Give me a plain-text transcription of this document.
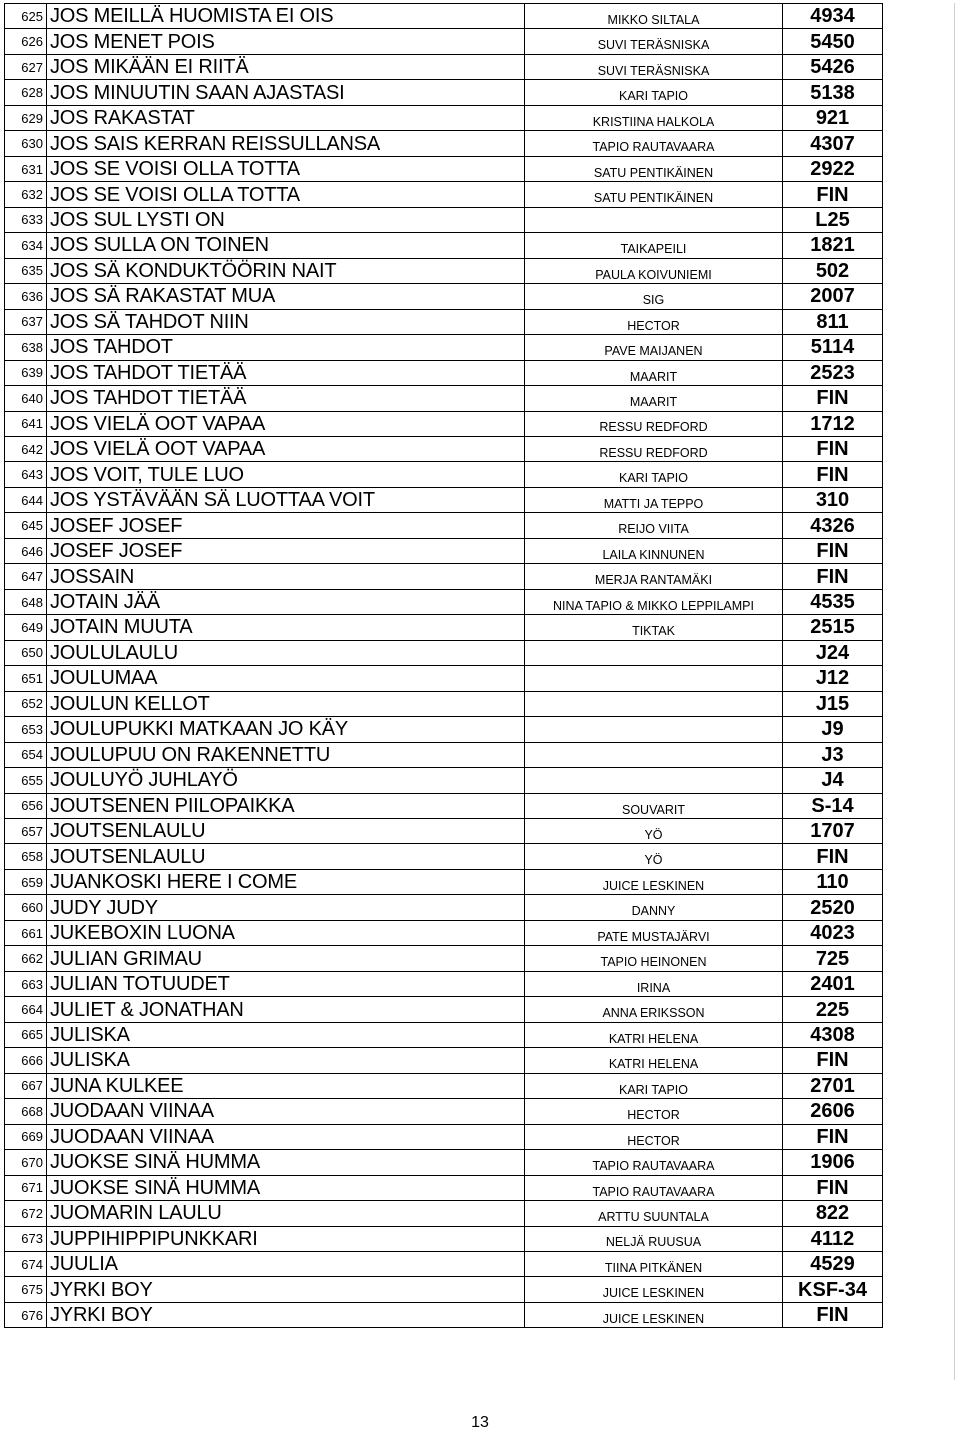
625	JOS MEILLÄ HUOMISTA EI OIS	MIKKO SILTALA	4934	
626	JOS MENET POIS	SUVI TERÄSNISKA	5450	
627	JOS MIKÄÄN EI RIITÄ	SUVI TERÄSNISKA	5426	
628	JOS MINUUTIN SAAN AJASTASI	KARI TAPIO	5138	
629	JOS RAKASTAT	KRISTIINA HALKOLA	921	
630	JOS SAIS KERRAN REISSULLANSA	TAPIO RAUTAVAARA	4307	
631	JOS SE VOISI OLLA TOTTA	SATU PENTIKÄINEN	2922	
632	JOS SE VOISI OLLA TOTTA	SATU PENTIKÄINEN	FIN	
633	JOS SUL LYSTI ON		L25	
634	JOS SULLA ON TOINEN	TAIKAPEILI	1821	
635	JOS SÄ KONDUKTÖÖRIN NAIT	PAULA KOIVUNIEMI	502	
636	JOS SÄ RAKASTAT MUA	SIG	2007	
637	JOS SÄ TAHDOT NIIN	HECTOR	811	
638	JOS TAHDOT	PAVE MAIJANEN	5114	
639	JOS TAHDOT TIETÄÄ	MAARIT	2523	
640	JOS TAHDOT TIETÄÄ	MAARIT	FIN	
641	JOS VIELÄ OOT VAPAA	RESSU REDFORD	1712	
642	JOS VIELÄ OOT VAPAA	RESSU REDFORD	FIN	
643	JOS VOIT, TULE LUO	KARI TAPIO	FIN	
644	JOS YSTÄVÄÄN SÄ LUOTTAA VOIT	MATTI JA TEPPO	310	
645	JOSEF JOSEF	REIJO VIITA	4326	
646	JOSEF JOSEF	LAILA KINNUNEN	FIN	
647	JOSSAIN	MERJA RANTAMÄKI	FIN	
648	JOTAIN JÄÄ	NINA TAPIO & MIKKO LEPPILAMPI	4535	
649	JOTAIN MUUTA	TIKTAK	2515	
650	JOULULAULU		J24	
651	JOULUMAA		J12	
652	JOULUN KELLOT		J15	
653	JOULUPUKKI MATKAAN JO KÄY		J9	
654	JOULUPUU ON RAKENNETTU		J3	
655	JOULUYÖ JUHLAYÖ		J4	
656	JOUTSENEN PIILOPAIKKA	SOUVARIT	S-14	
657	JOUTSENLAULU	YÖ	1707	
658	JOUTSENLAULU	YÖ	FIN	
659	JUANKOSKI HERE I COME	JUICE LESKINEN	110	
660	JUDY JUDY	DANNY	2520	
661	JUKEBOXIN LUONA	PATE MUSTAJÄRVI	4023	
662	JULIAN GRIMAU	TAPIO HEINONEN	725	
663	JULIAN TOTUUDET	IRINA	2401	
664	JULIET & JONATHAN	ANNA ERIKSSON	225	
665	JULISKA	KATRI HELENA	4308	
666	JULISKA	KATRI HELENA	FIN	
667	JUNA KULKEE	KARI TAPIO	2701	
668	JUODAAN VIINAA	HECTOR	2606	
669	JUODAAN VIINAA	HECTOR	FIN	
670	JUOKSE SINÄ HUMMA	TAPIO RAUTAVAARA	1906	
671	JUOKSE SINÄ HUMMA	TAPIO RAUTAVAARA	FIN	
672	JUOMARIN LAULU	ARTTU SUUNTALA	822	
673	JUPPIHIPPIPUNKKARI	NELJÄ RUUSUA	4112	
674	JUULIA	TIINA PITKÄNEN	4529	
675	JYRKI BOY	JUICE LESKINEN	KSF-34	
676	JYRKI BOY	JUICE LESKINEN	FIN	
13
